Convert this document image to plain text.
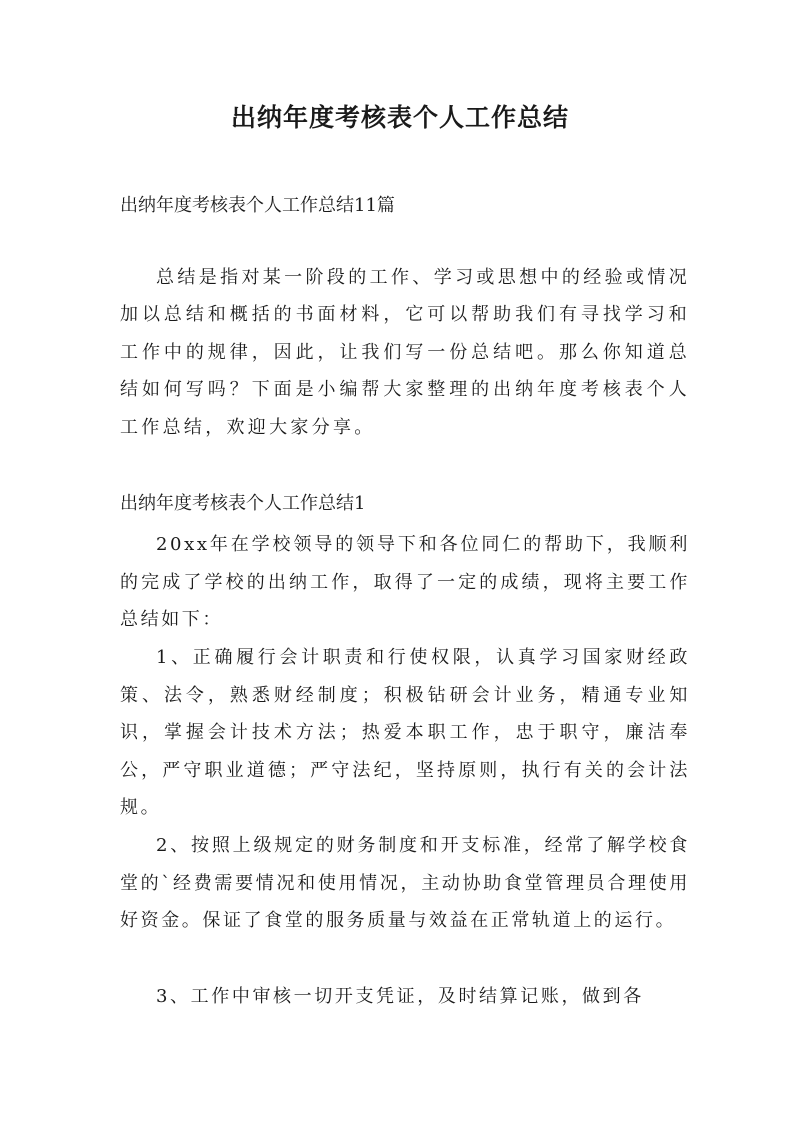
出纳年度考核表个人工作总结

出纳年度考核表个人工作总结11篇

总结是指对某一阶段的工作、学习或思想中的经验或情况加以总结和概括的书面材料，它可以帮助我们有寻找学习和工作中的规律，因此，让我们写一份总结吧。那么你知道总结如何写吗？下面是小编帮大家整理的出纳年度考核表个人工作总结，欢迎大家分享。

出纳年度考核表个人工作总结1

20xx年在学校领导的领导下和各位同仁的帮助下，我顺利的完成了学校的出纳工作，取得了一定的成绩，现将主要工作总结如下：

1、正确履行会计职责和行使权限，认真学习国家财经政策、法令，熟悉财经制度；积极钻研会计业务，精通专业知识，掌握会计技术方法；热爱本职工作，忠于职守，廉洁奉公，严守职业道德；严守法纪，坚持原则，执行有关的会计法规。

2、按照上级规定的财务制度和开支标准，经常了解学校食堂的`经费需要情况和使用情况，主动协助食堂管理员合理使用好资金。保证了食堂的服务质量与效益在正常轨道上的运行。

3、工作中审核一切开支凭证，及时结算记账，做到各
